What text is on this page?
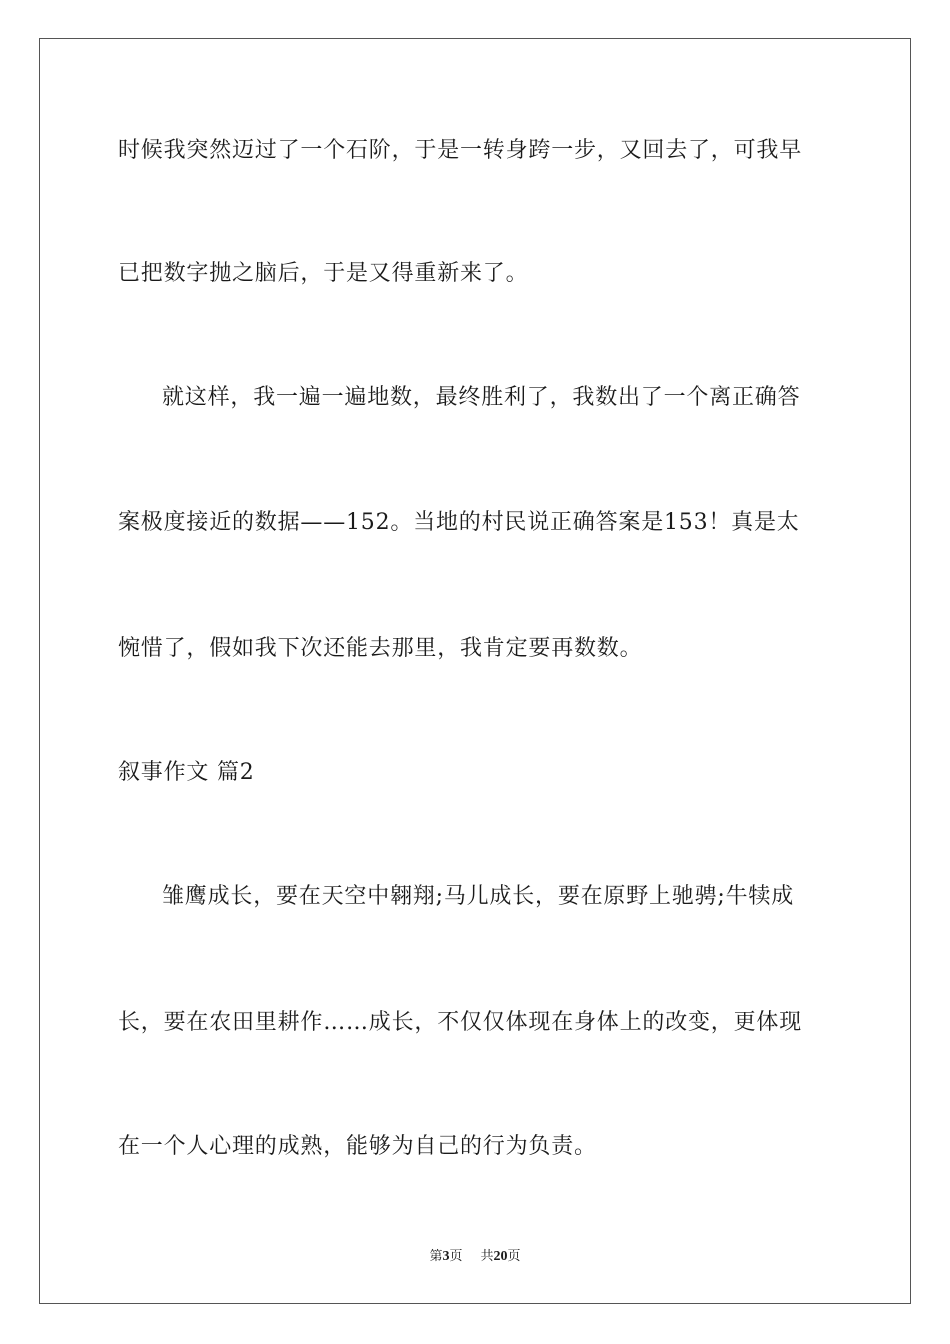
时候我突然迈过了一个石阶，于是一转身跨一步，又回去了，可我早
已把数字抛之脑后，于是又得重新来了。
就这样，我一遍一遍地数，最终胜利了，我数出了一个离正确答
案极度接近的数据——152。当地的村民说正确答案是153！真是太
惋惜了，假如我下次还能去那里，我肯定要再数数。
叙事作文 篇2
雏鹰成长，要在天空中翱翔;马儿成长，要在原野上驰骋;牛犊成
长，要在农田里耕作……成长，不仅仅体现在身体上的改变，更体现
在一个人心理的成熟，能够为自己的行为负责。
第3页 共20页
